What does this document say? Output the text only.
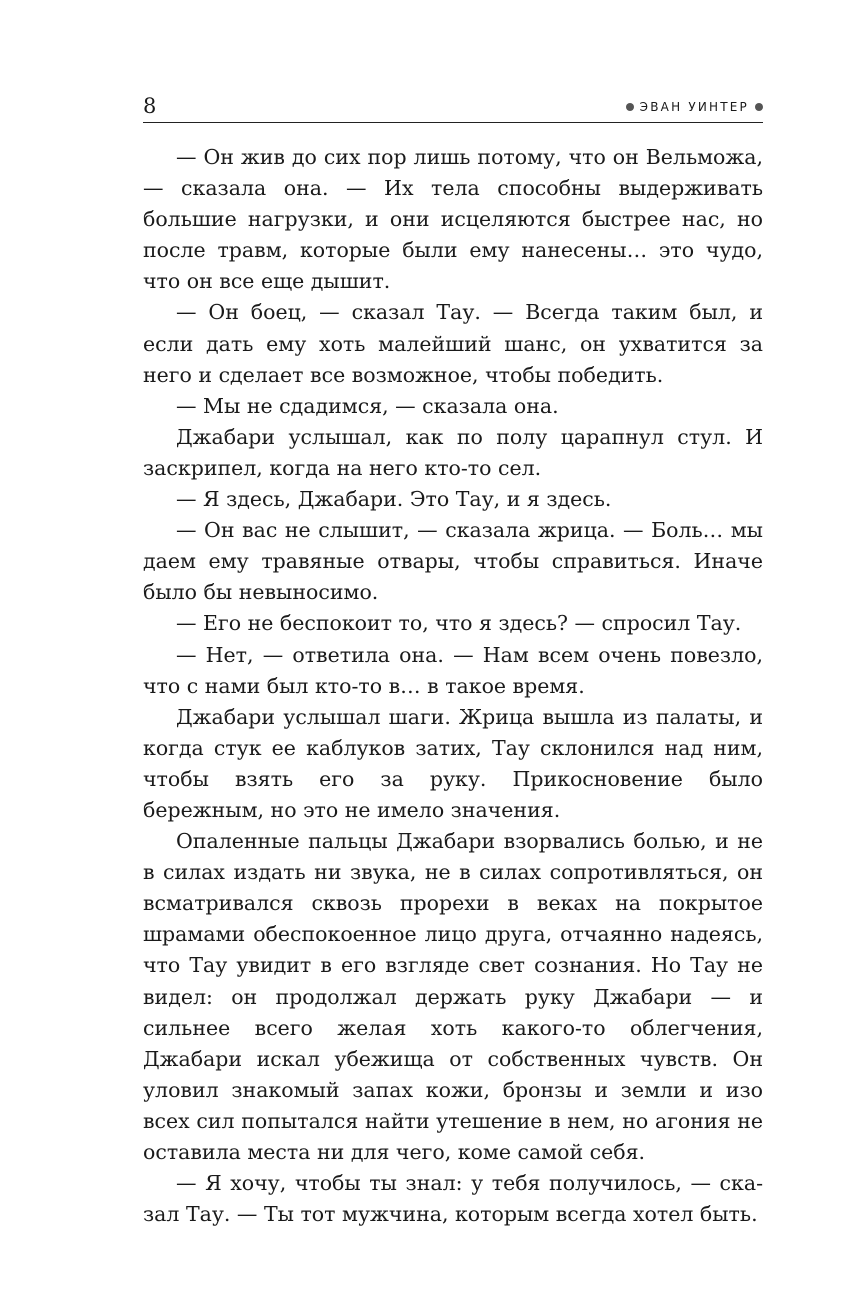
8	ЭВАН УИНТЕР

— Он жив до сих пор лишь потому, что он Вельможа, — сказала она. — Их тела способны выдерживать большие нагрузки, и они исцеляются быстрее нас, но после травм, которые были ему нанесены… это чудо, что он все еще дышит.

— Он боец, — сказал Тау. — Всегда таким был, и если дать ему хоть малейший шанс, он ухватится за него и сделает все возможное, чтобы победить.

— Мы не сдадимся, — сказала она.

Джабари услышал, как по полу царапнул стул. И заскрипел, когда на него кто-то сел.

— Я здесь, Джабари. Это Тау, и я здесь.

— Он вас не слышит, — сказала жрица. — Боль… мы даем ему травяные отвары, чтобы справиться. Иначе было бы невыносимо.

— Его не беспокоит то, что я здесь? — спросил Тау.

— Нет, — ответила она. — Нам всем очень повезло, что с нами был кто-то в… в такое время.

Джабари услышал шаги. Жрица вышла из палаты, и когда стук ее каблуков затих, Тау склонился над ним, чтобы взять его за руку. Прикосновение было бережным, но это не имело значения.

Опаленные пальцы Джабари взорвались болью, и не в силах издать ни звука, не в силах сопротивляться, он всматривался сквозь прорехи в веках на покрытое шрамами обеспокоенное лицо друга, отчаянно надеясь, что Тау увидит в его взгляде свет сознания. Но Тау не видел: он продолжал держать руку Джабари — и сильнее всего желая хоть какого-то облегчения, Джабари искал убежища от собственных чувств. Он уловил знакомый запах кожи, бронзы и земли и изо всех сил попытался найти утешение в нем, но агония не оставила места ни для чего, коме самой себя.

— Я хочу, чтобы ты знал: у тебя получилось, — сказал Тау. — Ты тот мужчина, которым всегда хотел быть.
